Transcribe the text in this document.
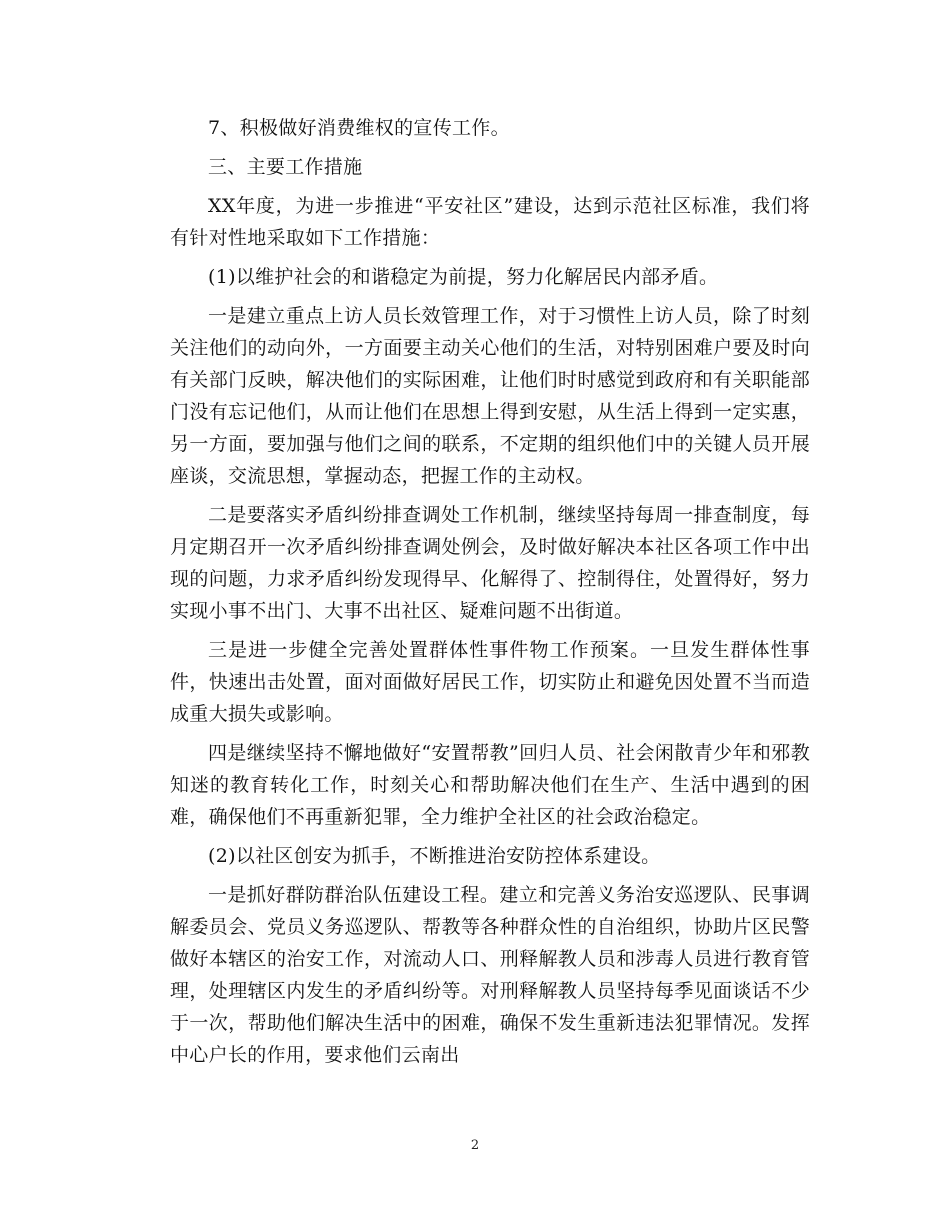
7、积极做好消费维权的宣传工作。

三、主要工作措施

XX年度，为进一步推进“平安社区”建设，达到示范社区标准，我们将有针对性地采取如下工作措施：

(1)以维护社会的和谐稳定为前提，努力化解居民内部矛盾。

一是建立重点上访人员长效管理工作，对于习惯性上访人员，除了时刻关注他们的动向外，一方面要主动关心他们的生活，对特别困难户要及时向有关部门反映，解决他们的实际困难，让他们时时感觉到政府和有关职能部门没有忘记他们，从而让他们在思想上得到安慰，从生活上得到一定实惠，另一方面，要加强与他们之间的联系，不定期的组织他们中的关键人员开展座谈，交流思想，掌握动态，把握工作的主动权。

二是要落实矛盾纠纷排查调处工作机制，继续坚持每周一排查制度，每月定期召开一次矛盾纠纷排查调处例会，及时做好解决本社区各项工作中出现的问题，力求矛盾纠纷发现得早、化解得了、控制得住，处置得好，努力实现小事不出门、大事不出社区、疑难问题不出街道。

三是进一步健全完善处置群体性事件物工作预案。一旦发生群体性事件，快速出击处置，面对面做好居民工作，切实防止和避免因处置不当而造成重大损失或影响。

四是继续坚持不懈地做好“安置帮教”回归人员、社会闲散青少年和邪教知迷的教育转化工作，时刻关心和帮助解决他们在生产、生活中遇到的困难，确保他们不再重新犯罪，全力维护全社区的社会政治稳定。

(2)以社区创安为抓手，不断推进治安防控体系建设。

一是抓好群防群治队伍建设工程。建立和完善义务治安巡逻队、民事调解委员会、党员义务巡逻队、帮教等各种群众性的自治组织，协助片区民警做好本辖区的治安工作，对流动人口、刑释解教人员和涉毒人员进行教育管理，处理辖区内发生的矛盾纠纷等。对刑释解教人员坚持每季见面谈话不少于一次，帮助他们解决生活中的困难，确保不发生重新违法犯罪情况。发挥中心户长的作用，要求他们云南出

2
